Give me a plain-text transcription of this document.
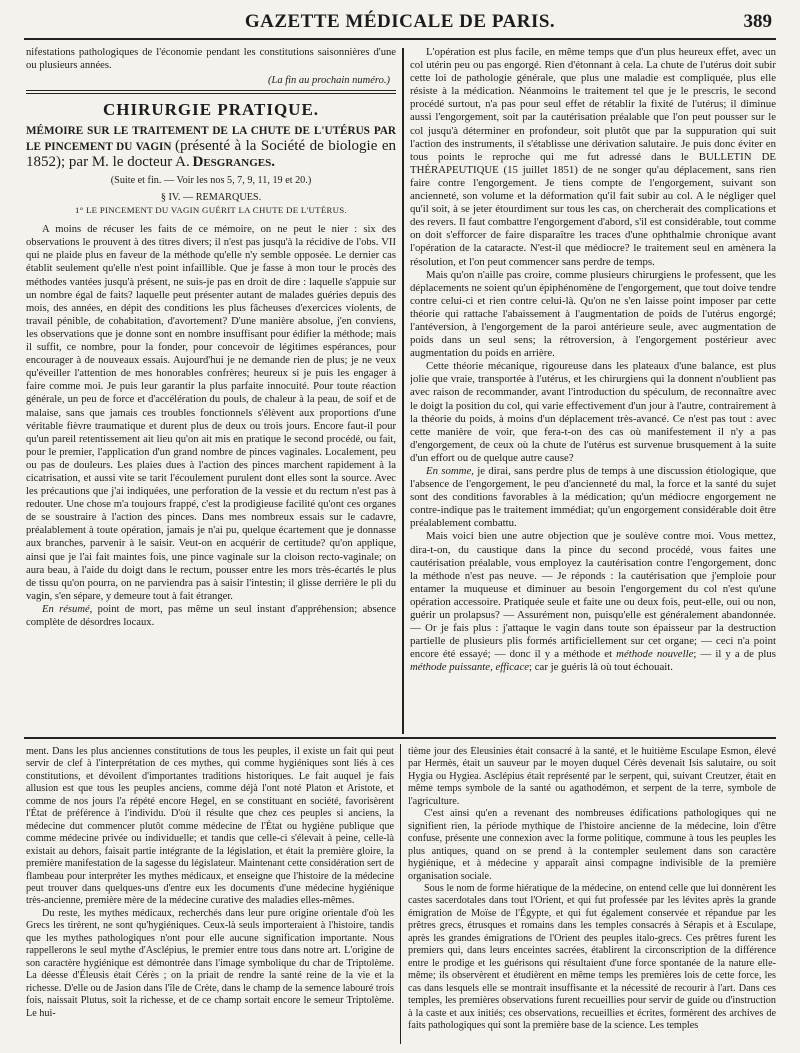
GAZETTE MÉDICALE DE PARIS.	389

nifestations pathologiques de l'économie pendant les constitutions saisonnières d'une ou plusieurs années.

(La fin au prochain numéro.)
CHIRURGIE PRATIQUE.

MÉMOIRE SUR LE TRAITEMENT DE LA CHUTE DE L'UTÉRUS PAR LE PINCEMENT DU VAGIN (présenté à la Société de biologie en 1852); par M. le docteur A. Desgranges.

(Suite et fin. — Voir les nos 5, 7, 9, 11, 19 et 20.)
§ IV. — REMARQUES.
1° LE PINCEMENT DU VAGIN GUÉRIT LA CHUTE DE L'UTÉRUS.

A moins de récuser les faits de ce mémoire, on ne peut le nier : six des observations le prouvent à des titres divers; il n'est pas jusqu'à la récidive de l'obs. VII qui ne plaide plus en faveur de la méthode qu'elle n'y semble opposée. Le dernier cas établit seulement qu'elle n'est point infaillible. Que je fasse à mon tour le procès des méthodes vantées jusqu'à présent, ne suis-je pas en droit de dire : laquelle s'appuie sur un nombre égal de faits? laquelle peut présenter autant de malades guéries depuis des mois, des années, en dépit des conditions les plus fâcheuses d'exercices violents, de travail pénible, de cohabitation, d'avortement? D'une manière absolue, j'en conviens, les observations que je donne sont en nombre insuffisant pour édifier la méthode; mais il suffit, ce nombre, pour la fonder, pour concevoir de légitimes espérances, pour encourager à de nouveaux essais. Aujourd'hui je ne demande rien de plus; je ne veux qu'éveiller l'attention de mes honorables confrères; heureux si je puis les engager à faire comme moi. Je puis leur garantir la plus parfaite innocuité. Pour toute réaction générale, un peu de force et d'accélération du pouls, de chaleur à la peau, de soif et de malaise, sans que jamais ces troubles fonctionnels s'élèvent aux proportions d'une véritable fièvre traumatique et durent plus de deux ou trois jours. Encore faut-il pour qu'un pareil retentissement ait lieu qu'on ait mis en pratique le second procédé, ou fait, pour le premier, l'application d'un grand nombre de pinces vaginales. Localement, peu ou pas de douleurs. Les plaies dues à l'action des pinces marchent rapidement à la cicatrisation, et aussi vite se tarit l'écoulement purulent dont elles sont la source. Avec les précautions que j'ai indiquées, une perforation de la vessie et du rectum n'est pas à redouter. Une chose m'a toujours frappé, c'est la prodigieuse facilité qu'ont ces organes de se soustraire à l'action des pinces. Dans mes nombreux essais sur le cadavre, préalablement à toute opération, jamais je n'ai pu, quelque écartement que je donnasse aux branches, parvenir à le saisir. Veut-on en acquérir de certitude? qu'on applique, ainsi que je l'ai fait maintes fois, une pince vaginale sur la cloison recto-vaginale; on aura beau, à l'aide du doigt dans le rectum, pousser entre les mors très-écartés le plus de tissu qu'on pourra, on ne parviendra pas à saisir l'intestin; il glisse derrière le pli du vagin, s'en sépare, y demeure tout à fait étranger.

En résumé, point de mort, pas même un seul instant d'appréhension; absence complète de désordres locaux.

L'opération est plus facile, en même temps que d'un plus heureux effet, avec un col utérin peu ou pas engorgé. Rien d'étonnant à cela. La chute de l'utérus doit subir cette loi de pathologie générale, que plus une maladie est compliquée, plus elle résiste à la médication. Néanmoins le traitement tel que je le prescris, le second procédé surtout, n'a pas pour seul effet de rétablir la fixité de l'utérus; il diminue aussi l'engorgement, soit par la cautérisation préalable que l'on peut pousser sur le col jusqu'à déterminer en profondeur, soit plutôt que par la suppuration qui suit l'action des instruments, il s'établisse une dérivation salutaire. Je puis donc éviter en tous points le reproche qui me fut adressé dans le BULLETIN DE THÉRAPEUTIQUE (15 juillet 1851) de ne songer qu'au déplacement, sans rien faire contre l'engorgement. Je tiens compte de l'engorgement, suivant son ancienneté, son volume et la déformation qu'il fait subir au col. A le négliger quel qu'il soit, à se jeter étourdiment sur tous les cas, on chercherait des complications et des revers. Il faut combattre l'engorgement d'abord, s'il est considérable, tout comme on doit s'efforcer de faire disparaître les traces d'une ophthalmie chronique avant l'opération de la cataracte. N'est-il que médiocre? le traitement seul en amènera la résolution, et l'on peut commencer sans perdre de temps.

Mais qu'on n'aille pas croire, comme plusieurs chirurgiens le professent, que les déplacements ne soient qu'un épiphénomène de l'engorgement, que tout doive tendre contre celui-ci et rien contre celui-là. Qu'on ne s'en laisse point imposer par cette théorie qui rattache l'abaissement à l'augmentation de poids de l'utérus engorgé; l'antéversion, à l'engorgement de la paroi antérieure seule, avec augmentation de poids dans un seul sens; la rétroversion, à l'engorgement postérieur avec augmentation du poids en arrière.

Cette théorie mécanique, rigoureuse dans les plateaux d'une balance, est plus jolie que vraie, transportée à l'utérus, et les chirurgiens qui la donnent n'oublient pas avec raison de recommander, avant l'introduction du spéculum, de reconnaître avec le doigt la position du col, qui varie effectivement d'un jour à l'autre, contrairement à la théorie du poids, à moins d'un déplacement très-avancé. Ce n'est pas tout : avec cette manière de voir, que fera-t-on des cas où manifestement il n'y a pas d'engorgement, de ceux où la chute de l'utérus est survenue brusquement à la suite d'un effort ou de quelque autre cause?

En somme, je dirai, sans perdre plus de temps à une discussion étiologique, que l'absence de l'engorgement, le peu d'ancienneté du mal, la force et la santé du sujet sont des conditions favorables à la médication; qu'un médiocre engorgement ne contre-indique pas le traitement immédiat; qu'un engorgement considérable doit être préalablement combattu.

Mais voici bien une autre objection que je soulève contre moi. Vous mettez, dira-t-on, du caustique dans la pince du second procédé, vous faites une cautérisation préalable, vous employez la cautérisation contre l'engorgement, donc la méthode n'est pas neuve. — Je réponds : la cautérisation que j'emploie pour entamer la muqueuse et diminuer au besoin l'engorgement du col n'est qu'une opération accessoire. Pratiquée seule et faite une ou deux fois, peut-elle, oui ou non, guérir un prolapsus? — Assurément non, puisqu'elle est généralement abandonnée. — Or je fais plus : j'attaque le vagin dans toute son épaisseur par la destruction partielle de plusieurs plis formés artificiellement sur cet organe; — ceci n'a point encore été essayé; — donc il y a méthode et méthode nouvelle; — il y a de plus méthode puissante, efficace; car je guéris là où tout échouait.

ment. Dans les plus anciennes constitutions de tous les peuples, il existe un fait qui peut servir de clef à l'interprétation de ces mythes, qui comme hygiéniques sont liés à ces constitutions, et dévoilent d'importantes traditions historiques. Le fait auquel je fais allusion est que tous les peuples anciens, comme déjà l'ont noté Platon et Aristote, et comme de nos jours l'a répété encore Hegel, en se constituant en société, favorisèrent l'État de préférence à l'individu. D'où il résulte que chez ces peuples si anciens, la médecine dut commencer plutôt comme médecine de l'État ou hygiène publique que comme médecine privée ou individuelle; et tandis que celle-ci s'élevait à peine, celle-là existait au dehors, faisait partie intégrante de la législation, et était la première gloire, la première manifestation de la sagesse du législateur. Maintenant cette considération sert de flambeau pour interpréter les mythes médicaux, et enseigne que l'histoire de la médecine peut trouver dans quelques-uns d'entre eux les documents d'une médecine hygiénique très-ancienne, première mère de la médecine curative des maladies elles-mêmes.

Du reste, les mythes médicaux, recherchés dans leur pure origine orientale d'où les Grecs les tirèrent, ne sont qu'hygiéniques. Ceux-là seuls importeraient à l'histoire, tandis que les mythes pathologiques n'ont pour elle aucune signification importante. Nous rappellerons le seul mythe d'Asclépius, le premier entre tous dans notre art. L'origine de son caractère hygiénique est démontrée dans l'image symbolique du char de Triptolème. La déesse d'Éleusis était Cérès ; on la priait de rendre la santé reine de la vie et la richesse. D'elle ou de Jasion dans l'île de Crète, dans le champ de la semence labouré trois fois, naissait Plutus, soit la richesse, et de ce champ sortait encore le semeur Triptolème. Le hui-

tième jour des Éleusinies était consacré à la santé, et le huitième Esculape Esmon, élevé par Hermès, était un sauveur par le moyen duquel Cérès devenait Isis salutaire, ou soit Hygia ou Hygiea. Asclépius était représenté par le serpent, qui, suivant Creutzer, était en même temps symbole de la santé ou agathodémon, et serpent de la terre, symbole de l'agriculture.

C'est ainsi qu'en a revenant des nombreuses édifications pathologiques qui ne signifient rien, la période mythique de l'histoire ancienne de la médecine, loin d'être confuse, présente une connexion avec la forme politique, commune à tous les peuples les plus antiques, quand on se prend à la contempler seulement dans son caractère hygiénique, et à médecine y apparaît ainsi compagne indivisible de la première organisation sociale.

Sous le nom de forme hiératique de la médecine, on entend celle que lui donnèrent les castes sacerdotales dans tout l'Orient, et qui fut professée par les lévites après la grande émigration de Moïse de l'Égypte, et qui fut également conservée et répandue par les prêtres grecs, étrusques et romains dans les temples consacrés à Sérapis et à Esculape, après les grandes émigrations de l'Orient des peuples italo-grecs. Ces prêtres furent les premiers qui, dans leurs enceintes sacrées, établirent la circonscription de la différence entre le prodige et les guérisons qui résultaient d'une force spontanée de la nature elle-même; ils observèrent et étudièrent en même temps les premières lois de cette force, les cas dans lesquels elle se montrait insuffisante et la nécessité de recourir à l'art. Dans ces temples, les premières observations furent recueillies pour servir de guide ou d'instruction à la caste et aux initiés; ces observations, recueillies et écrites, formèrent des archives de faits pathologiques qui sont la première base de la science. Les temples
